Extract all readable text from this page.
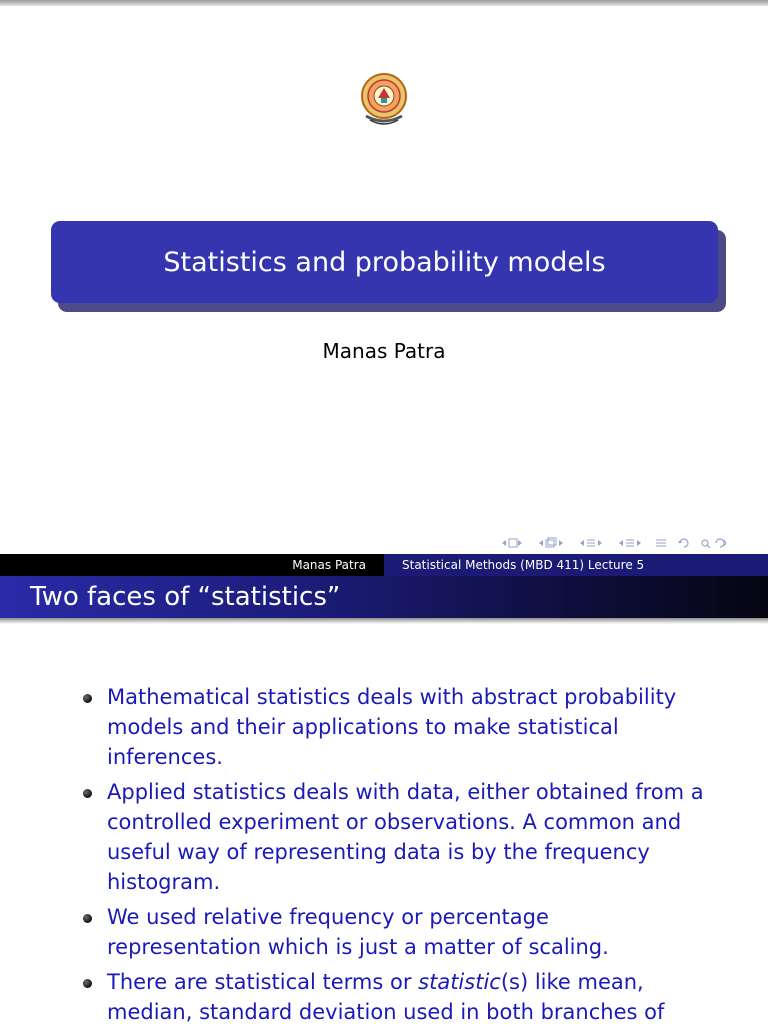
Statistics and probability models
Manas Patra
Manas Patra	Statistical Methods (MBD 411) Lecture 5
Two faces of “statistics”
Mathematical statistics deals with abstract probability models and their applications to make statistical inferences.
Applied statistics deals with data, either obtained from a controlled experiment or observations. A common and useful way of representing data is by the frequency histogram.
We used relative frequency or percentage representation which is just a matter of scaling.
There are statistical terms or statistic(s) like mean, median, standard deviation used in both branches of
